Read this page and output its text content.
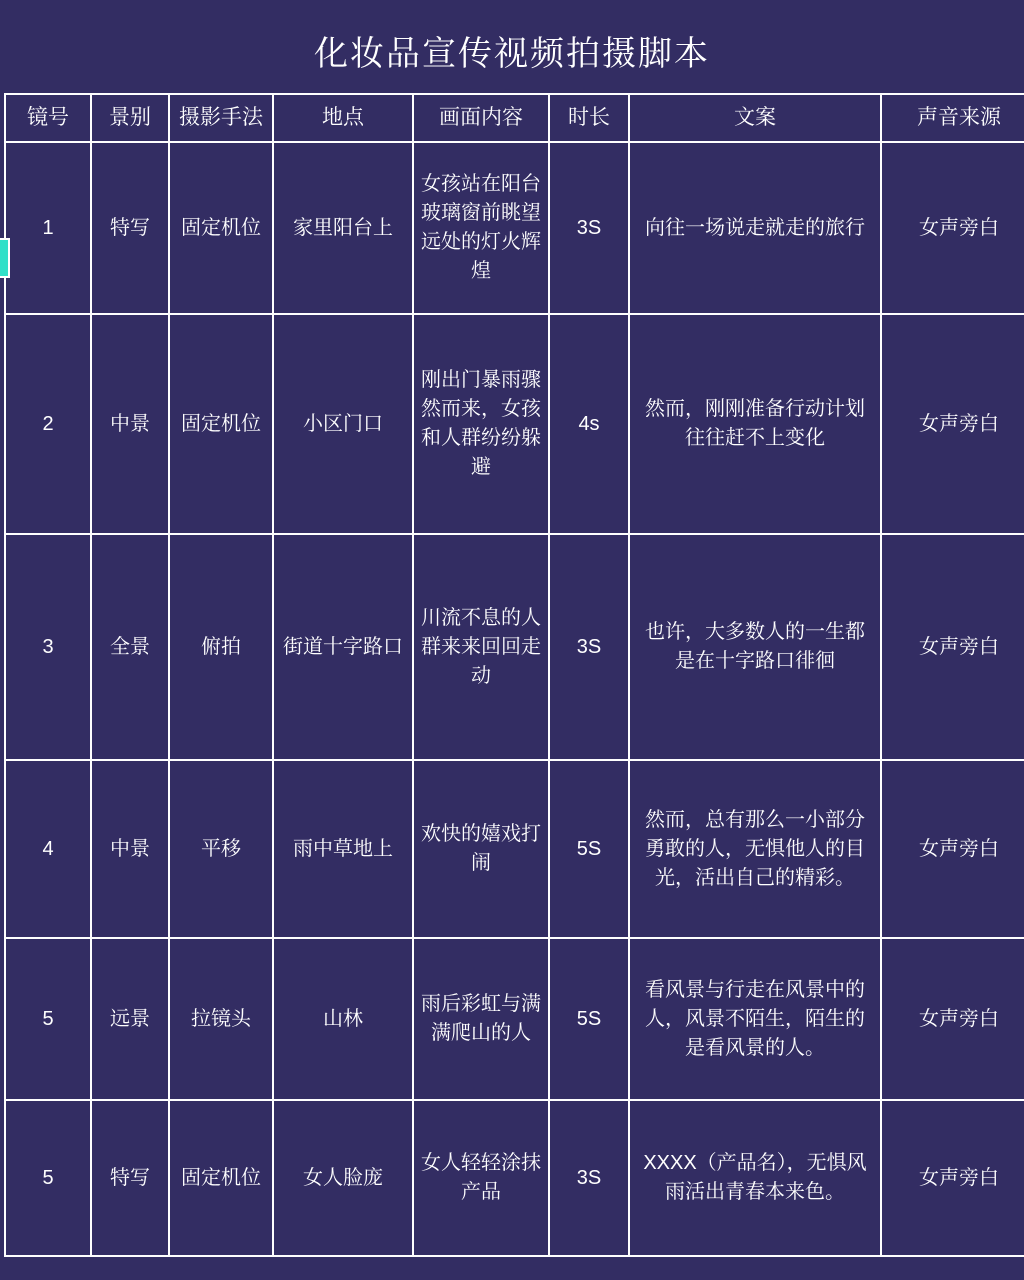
化妆品宣传视频拍摄脚本
镜号	景别	摄影手法	地点	画面内容	时长	文案	声音来源
1	特写	固定机位	家里阳台上	女孩站在阳台玻璃窗前眺望远处的灯火辉煌	3S	向往一场说走就走的旅行	女声旁白
2	中景	固定机位	小区门口	刚出门暴雨骤然而来，女孩和人群纷纷躲避	4s	然而，刚刚准备行动计划往往赶不上变化	女声旁白
3	全景	俯拍	街道十字路口	川流不息的人群来来回回走动	3S	也许，大多数人的一生都是在十字路口徘徊	女声旁白
4	中景	平移	雨中草地上	欢快的嬉戏打闹	5S	然而，总有那么一小部分勇敢的人，无惧他人的目光，活出自己的精彩。	女声旁白
5	远景	拉镜头	山林	雨后彩虹与满满爬山的人	5S	看风景与行走在风景中的人，风景不陌生，陌生的是看风景的人。	女声旁白
5	特写	固定机位	女人脸庞	女人轻轻涂抹产品	3S	XXXX（产品名），无惧风雨活出青春本来色。	女声旁白
